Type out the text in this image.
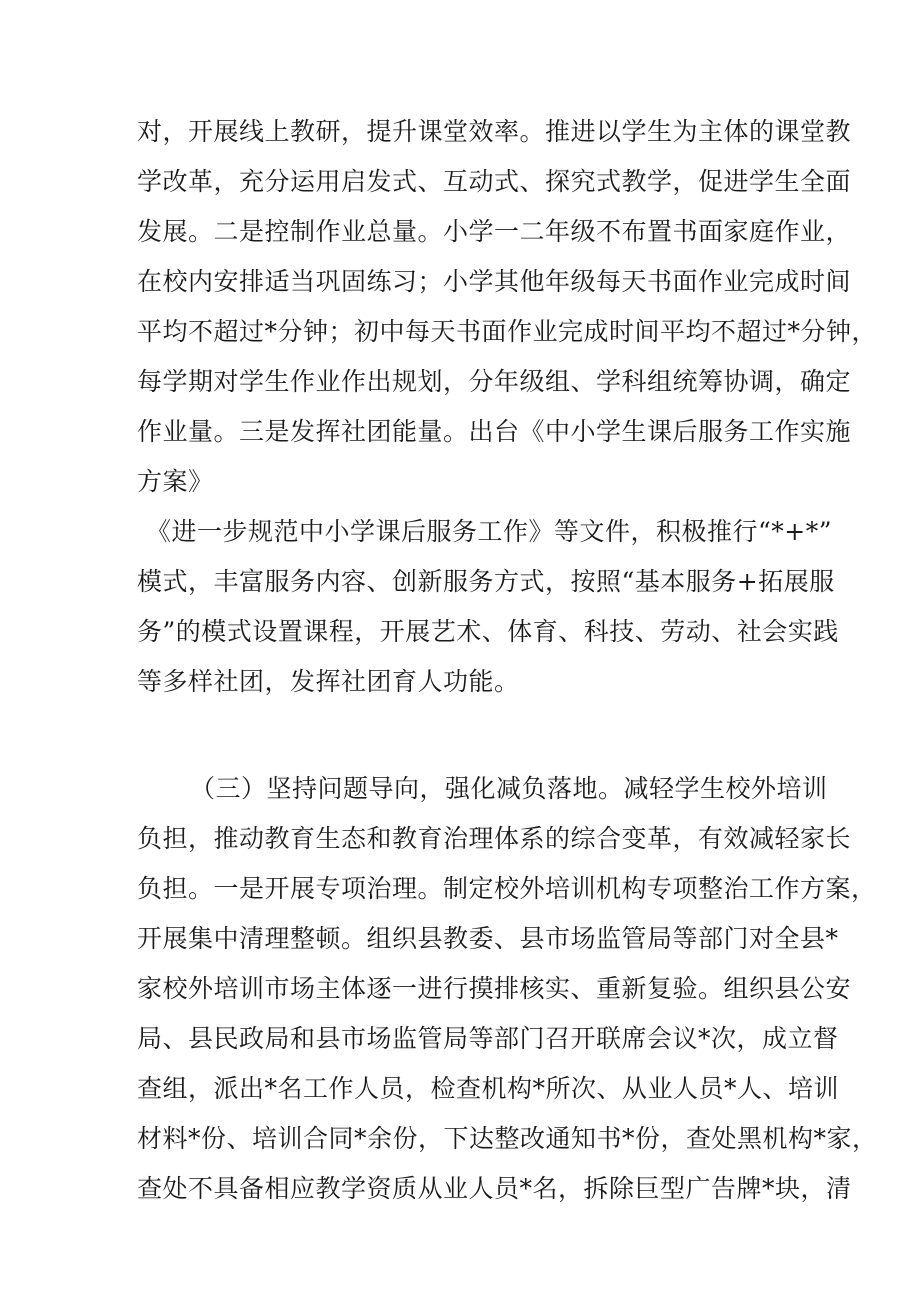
对，开展线上教研，提升课堂效率。推进以学生为主体的课堂教
学改革，充分运用启发式、互动式、探究式教学，促进学生全面
发展。二是控制作业总量。小学一二年级不布置书面家庭作业，
在校内安排适当巩固练习；小学其他年级每天书面作业完成时间
平均不超过*分钟；初中每天书面作业完成时间平均不超过*分钟，
每学期对学生作业作出规划，分年级组、学科组统筹协调，确定
作业量。三是发挥社团能量。出台《中小学生课后服务工作实施
方案》
《进一步规范中小学课后服务工作》等文件，积极推行“*+*”
模式，丰富服务内容、创新服务方式，按照“基本服务+拓展服
务”的模式设置课程，开展艺术、体育、科技、劳动、社会实践
等多样社团，发挥社团育人功能。
（三）坚持问题导向，强化减负落地。减轻学生校外培训
负担，推动教育生态和教育治理体系的综合变革，有效减轻家长
负担。一是开展专项治理。制定校外培训机构专项整治工作方案，
开展集中清理整顿。组织县教委、县市场监管局等部门对全县*
家校外培训市场主体逐一进行摸排核实、重新复验。组织县公安
局、县民政局和县市场监管局等部门召开联席会议*次，成立督
查组，派出*名工作人员，检查机构*所次、从业人员*人、培训
材料*份、培训合同*余份，下达整改通知书*份，查处黑机构*家，
查处不具备相应教学资质从业人员*名，拆除巨型广告牌*块，清
